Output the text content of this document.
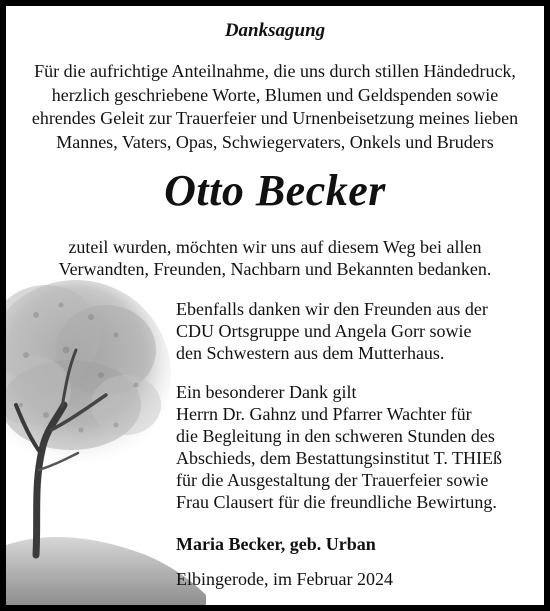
Danksagung
Für die aufrichtige Anteilnahme, die uns durch stillen Händedruck,
herzlich geschriebene Worte, Blumen und Geldspenden sowie
ehrendes Geleit zur Trauerfeier und Urnenbeisetzung meines lieben
Mannes, Vaters, Opas, Schwiegervaters, Onkels und Bruders
Otto Becker
zuteil wurden, möchten wir uns auf diesem Weg bei allen
Verwandten, Freunden, Nachbarn und Bekannten bedanken.
Ebenfalls danken wir den Freunden aus der
CDU Ortsgruppe und Angela Gorr sowie
den Schwestern aus dem Mutterhaus.
Ein besonderer Dank gilt
Herrn Dr. Gahnz und Pfarrer Wachter für
die Begleitung in den schweren Stunden des
Abschieds, dem Bestattungsinstitut T. THIEß
für die Ausgestaltung der Trauerfeier sowie
Frau Clausert für die freundliche Bewirtung.
Maria Becker, geb. Urban
Elbingerode, im Februar 2024
